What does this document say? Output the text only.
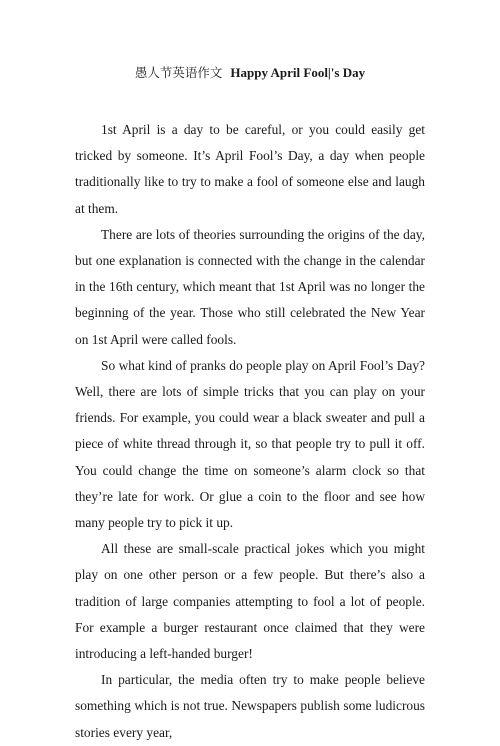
愚人节英语作文 Happy April Fool|'s Day

1st April is a day to be careful, or you could easily get tricked by someone. It’s April Fool’s Day, a day when people traditionally like to try to make a fool of someone else and laugh at them.

There are lots of theories surrounding the origins of the day, but one explanation is connected with the change in the calendar in the 16th century, which meant that 1st April was no longer the beginning of the year. Those who still celebrated the New Year on 1st April were called fools.

So what kind of pranks do people play on April Fool’s Day? Well, there are lots of simple tricks that you can play on your friends. For example, you could wear a black sweater and pull a piece of white thread through it, so that people try to pull it off. You could change the time on someone’s alarm clock so that they’re late for work. Or glue a coin to the floor and see how many people try to pick it up.

All these are small-scale practical jokes which you might play on one other person or a few people. But there’s also a tradition of large companies attempting to fool a lot of people. For example a burger restaurant once claimed that they were introducing a left-handed burger!

In particular, the media often try to make people believe something which is not true. Newspapers publish some ludicrous stories every year,
